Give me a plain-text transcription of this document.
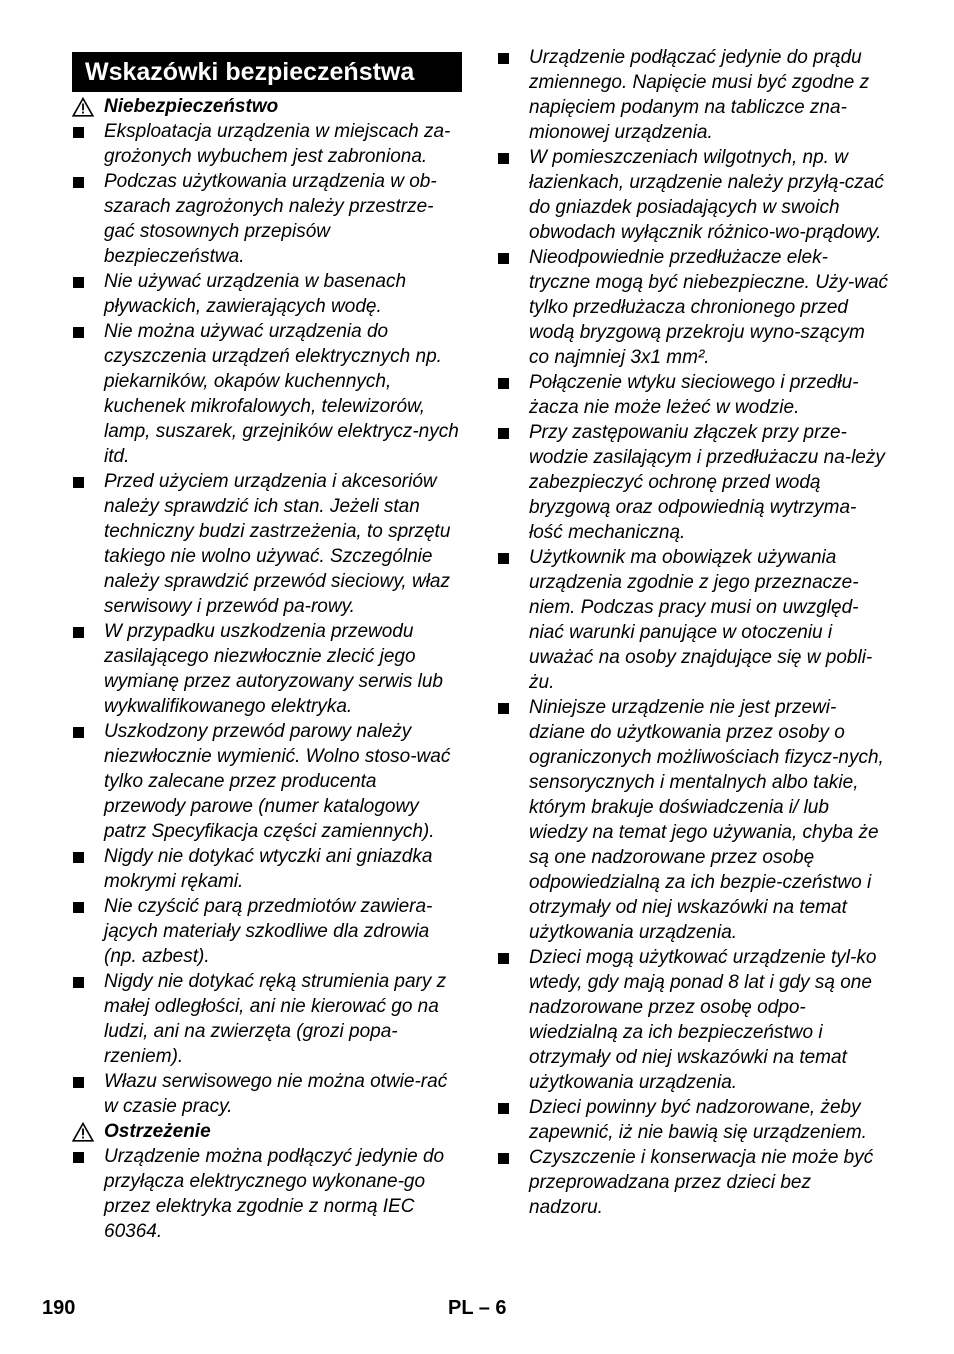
Wskazówki bezpieczeństwa
Niebezpieczeństwo
Eksploatacja urządzenia w miejscach za-grożonych wybuchem jest zabroniona.
Podczas użytkowania urządzenia w ob-szarach zagrożonych należy przestrze-gać stosownych przepisów bezpieczeństwa.
Nie używać urządzenia w basenach pływackich, zawierających wodę.
Nie można używać urządzenia do czyszczenia urządzeń elektrycznych np. piekarników, okapów kuchennych, kuchenek mikrofalowych, telewizorów, lamp, suszarek, grzejników elektrycz-nych itd.
Przed użyciem urządzenia i akcesoriów należy sprawdzić ich stan. Jeżeli stan techniczny budzi zastrzeżenia, to sprzętu takiego nie wolno używać. Szczególnie należy sprawdzić przewód sieciowy, właz serwisowy i przewód pa-rowy.
W przypadku uszkodzenia przewodu zasilającego niezwłocznie zlecić jego wymianę przez autoryzowany serwis lub wykwalifikowanego elektryka.
Uszkodzony przewód parowy należy niezwłocznie wymienić. Wolno stoso-wać tylko zalecane przez producenta przewody parowe (numer katalogowy patrz Specyfikacja części zamiennych).
Nigdy nie dotykać wtyczki ani gniazdka mokrymi rękami.
Nie czyścić parą przedmiotów zawiera-jących materiały szkodliwe dla zdrowia (np. azbest).
Nigdy nie dotykać ręką strumienia pary z małej odległości, ani nie kierować go na ludzi, ani na zwierzęta (grozi popa-rzeniem).
Włazu serwisowego nie można otwie-rać w czasie pracy.
Ostrzeżenie
Urządzenie można podłączyć jedynie do przyłącza elektrycznego wykonane-go przez elektryka zgodnie z normą IEC 60364.
Urządzenie podłączać jedynie do prądu zmiennego. Napięcie musi być zgodne z napięciem podanym na tabliczce zna-mionowej urządzenia.
W pomieszczeniach wilgotnych, np. w łazienkach, urządzenie należy przyłą-czać do gniazdek posiadających w swoich obwodach wyłącznik różnico-wo-prądowy.
Nieodpowiednie przedłużacze elek-tryczne mogą być niebezpieczne. Uży-wać tylko przedłużacza chronionego przed wodą bryzgową przekroju wyno-szącym co najmniej 3x1 mm².
Połączenie wtyku sieciowego i przedłu-żacza nie może leżeć w wodzie.
Przy zastępowaniu złączek przy prze-wodzie zasilającym i przedłużaczu na-leży zabezpieczyć ochronę przed wodą bryzgową oraz odpowiednią wytrzyma-łość mechaniczną.
Użytkownik ma obowiązek używania urządzenia zgodnie z jego przeznacze-niem. Podczas pracy musi on uwzględ-niać warunki panujące w otoczeniu i uważać na osoby znajdujące się w pobli-żu.
Niniejsze urządzenie nie jest przewi-dziane do użytkowania przez osoby o ograniczonych możliwościach fizycz-nych, sensorycznych i mentalnych albo takie, którym brakuje doświadczenia i/ lub wiedzy na temat jego używania, chyba że są one nadzorowane przez osobę odpowiedzialną za ich bezpie-czeństwo i otrzymały od niej wskazówki na temat użytkowania urządzenia.
Dzieci mogą użytkować urządzenie tyl-ko wtedy, gdy mają ponad 8 lat i gdy są one nadzorowane przez osobę odpo-wiedzialną za ich bezpieczeństwo i otrzymały od niej wskazówki na temat użytkowania urządzenia.
Dzieci powinny być nadzorowane, żeby zapewnić, iż nie bawią się urządzeniem.
Czyszczenie i konserwacja nie może być przeprowadzana przez dzieci bez nadzoru.
190	PL – 6
